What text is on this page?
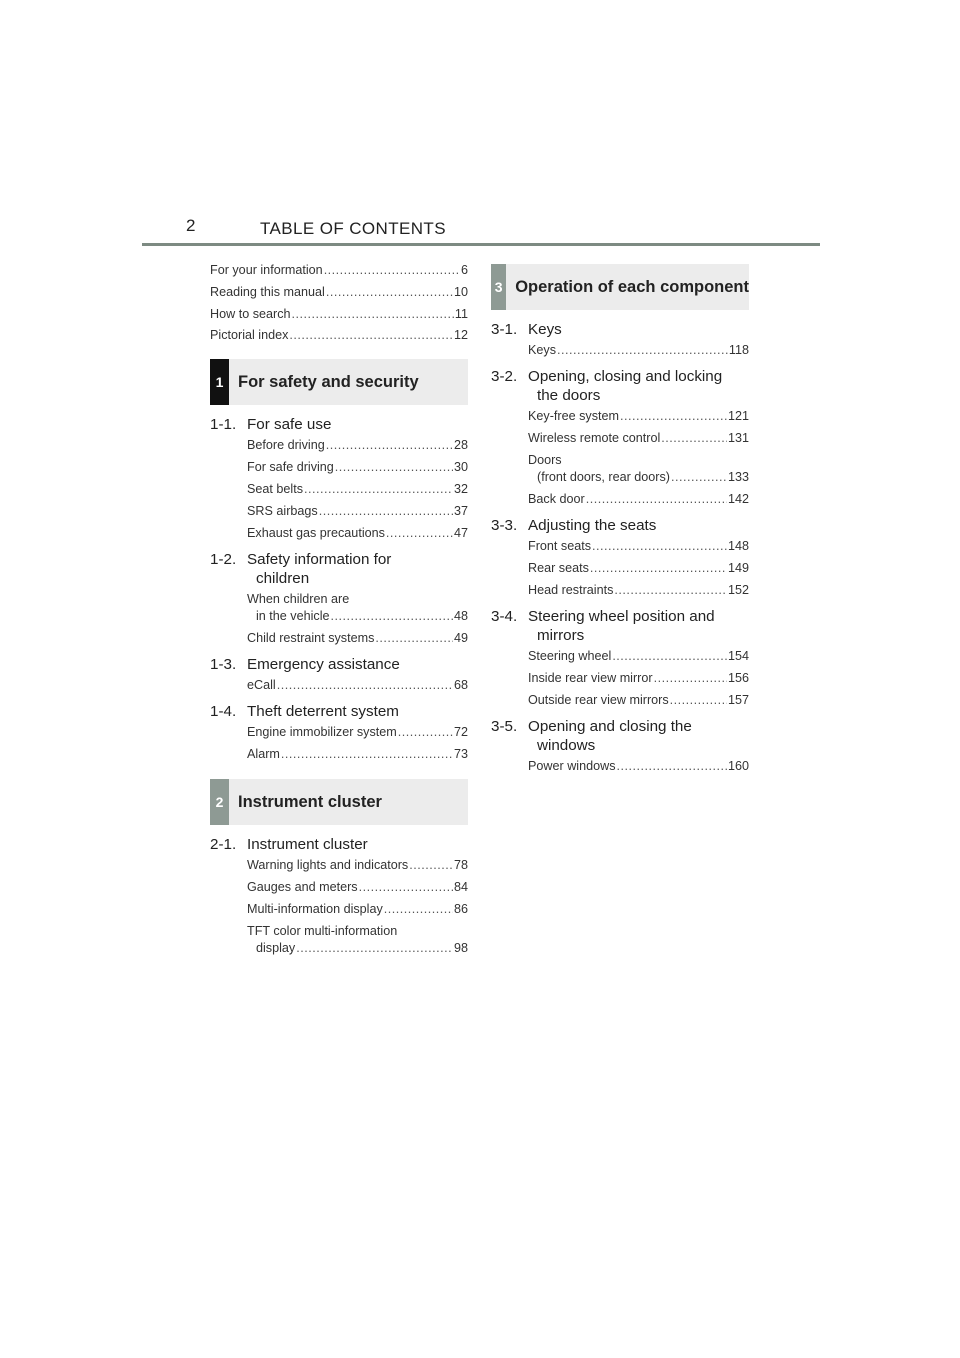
2	TABLE OF CONTENTS
For your information .....	6
Reading this manual .....	10
How to search .....	11
Pictorial index .....	12
1 For safety and security
1-1. For safe use
Before driving .....	28
For safe driving .....	30
Seat belts .....	32
SRS airbags .....	37
Exhaust gas precautions .....	47
1-2. Safety information for
children
When children are
in the vehicle .....	48
Child restraint systems .....	49
1-3. Emergency assistance
eCall .....	68
1-4. Theft deterrent system
Engine immobilizer system .....	72
Alarm .....	73
2 Instrument cluster
2-1. Instrument cluster
Warning lights and indicators .....	78
Gauges and meters .....	84
Multi-information display .....	86
TFT color multi-information
display .....	98
3 Operation of each component
3-1. Keys
Keys .....	118
3-2. Opening, closing and locking
the doors
Key-free system .....	121
Wireless remote control .....	131
Doors
(front doors, rear doors) .....	133
Back door .....	142
3-3. Adjusting the seats
Front seats .....	148
Rear seats .....	149
Head restraints .....	152
3-4. Steering wheel position and
mirrors
Steering wheel .....	154
Inside rear view mirror .....	156
Outside rear view mirrors .....	157
3-5. Opening and closing the
windows
Power windows .....	160
